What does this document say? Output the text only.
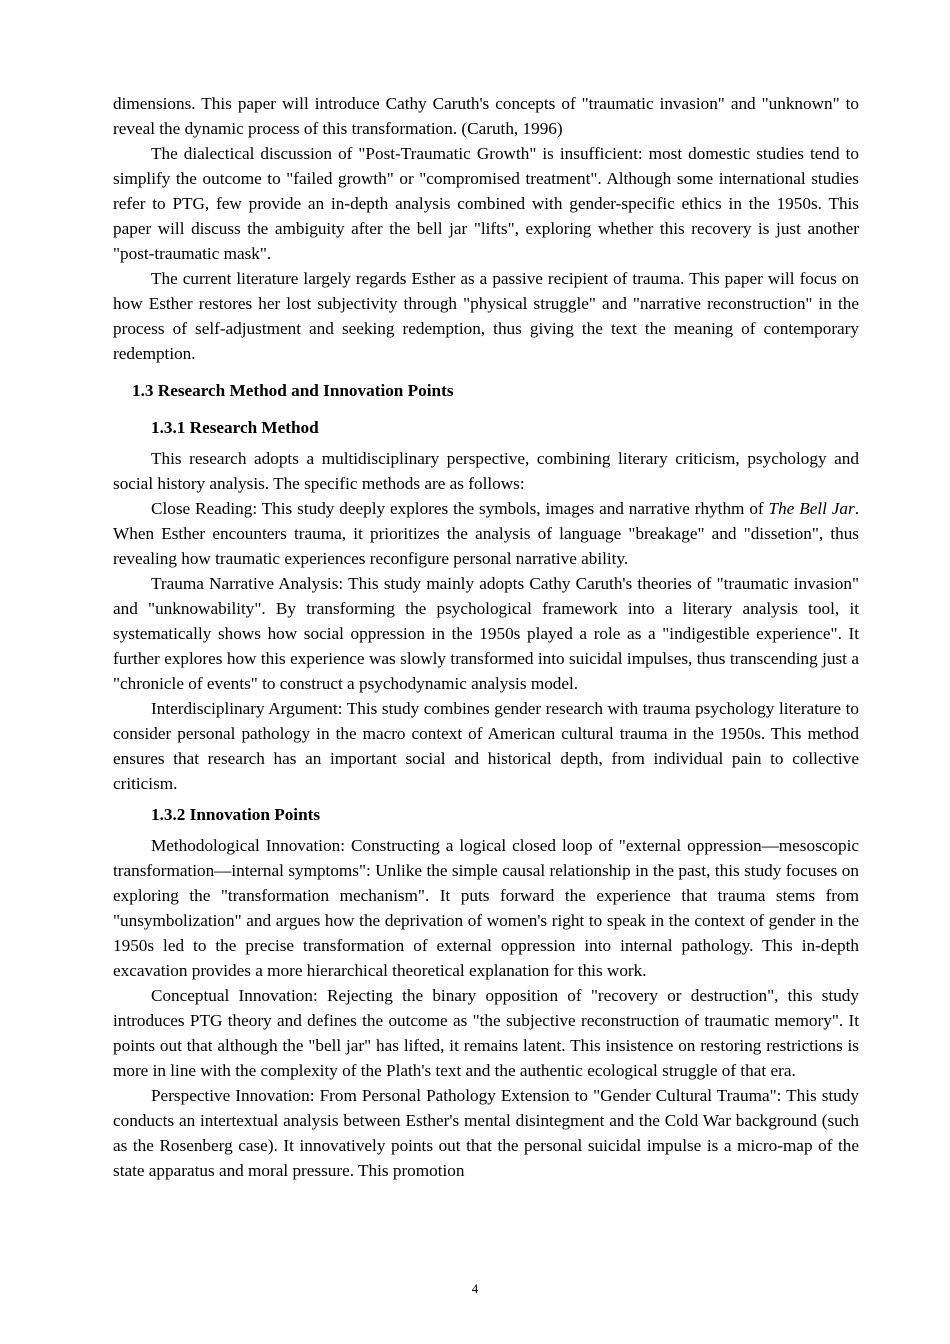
dimensions. This paper will introduce Cathy Caruth's concepts of "traumatic invasion" and "unknown" to reveal the dynamic process of this transformation. (Caruth, 1996)

The dialectical discussion of "Post-Traumatic Growth" is insufficient: most domestic studies tend to simplify the outcome to "failed growth" or "compromised treatment". Although some international studies refer to PTG, few provide an in-depth analysis combined with gender-specific ethics in the 1950s. This paper will discuss the ambiguity after the bell jar "lifts", exploring whether this recovery is just another "post-traumatic mask".

The current literature largely regards Esther as a passive recipient of trauma. This paper will focus on how Esther restores her lost subjectivity through "physical struggle" and "narrative reconstruction" in the process of self-adjustment and seeking redemption, thus giving the text the meaning of contemporary redemption.

1.3 Research Method and Innovation Points
1.3.1 Research Method

This research adopts a multidisciplinary perspective, combining literary criticism, psychology and social history analysis. The specific methods are as follows:

Close Reading: This study deeply explores the symbols, images and narrative rhythm of The Bell Jar. When Esther encounters trauma, it prioritizes the analysis of language "breakage" and "dissetion", thus revealing how traumatic experiences reconfigure personal narrative ability.

Trauma Narrative Analysis: This study mainly adopts Cathy Caruth's theories of "traumatic invasion" and "unknowability". By transforming the psychological framework into a literary analysis tool, it systematically shows how social oppression in the 1950s played a role as a "indigestible experience". It further explores how this experience was slowly transformed into suicidal impulses, thus transcending just a "chronicle of events" to construct a psychodynamic analysis model.

Interdisciplinary Argument: This study combines gender research with trauma psychology literature to consider personal pathology in the macro context of American cultural trauma in the 1950s. This method ensures that research has an important social and historical depth, from individual pain to collective criticism.

1.3.2 Innovation Points

Methodological Innovation: Constructing a logical closed loop of "external oppression—mesoscopic transformation—internal symptoms": Unlike the simple causal relationship in the past, this study focuses on exploring the "transformation mechanism". It puts forward the experience that trauma stems from "unsymbolization" and argues how the deprivation of women's right to speak in the context of gender in the 1950s led to the precise transformation of external oppression into internal pathology. This in-depth excavation provides a more hierarchical theoretical explanation for this work.

Conceptual Innovation: Rejecting the binary opposition of "recovery or destruction", this study introduces PTG theory and defines the outcome as "the subjective reconstruction of traumatic memory". It points out that although the "bell jar" has lifted, it remains latent. This insistence on restoring restrictions is more in line with the complexity of the Plath's text and the authentic ecological struggle of that era.

Perspective Innovation: From Personal Pathology Extension to "Gender Cultural Trauma": This study conducts an intertextual analysis between Esther's mental disintegment and the Cold War background (such as the Rosenberg case). It innovatively points out that the personal suicidal impulse is a micro-map of the state apparatus and moral pressure. This promotion

4
